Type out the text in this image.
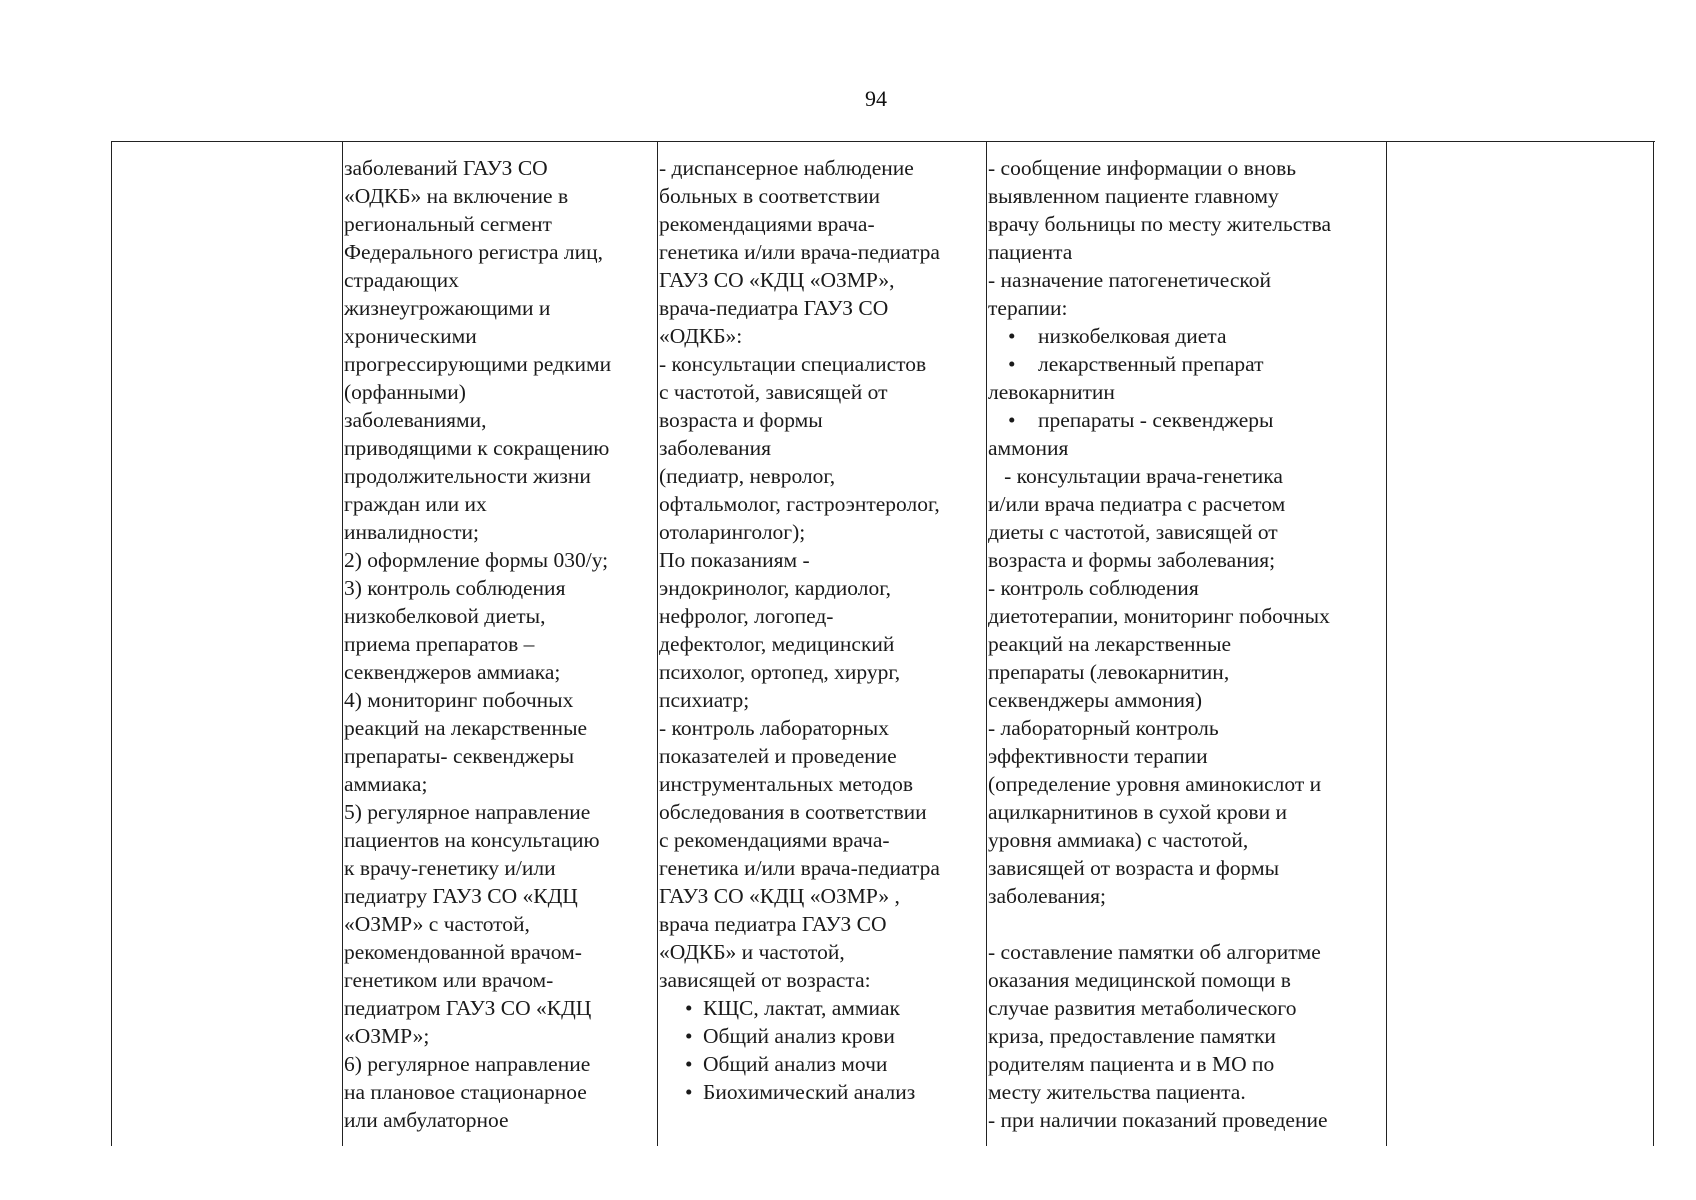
94
заболеваний ГАУЗ СО
«ОДКБ» на включение в
региональный сегмент
Федерального регистра лиц,
страдающих
жизнеугрожающими и
хроническими
прогрессирующими редкими
(орфанными)
заболеваниями,
приводящими к сокращению
продолжительности жизни
граждан или их
инвалидности;
2) оформление формы 030/у;
3) контроль соблюдения
низкобелковой диеты,
приема препаратов –
секвенджеров аммиака;
4) мониторинг побочных
реакций на лекарственные
препараты- секвенджеры
аммиака;
5) регулярное направление
пациентов на консультацию
к врачу-генетику и/или
педиатру ГАУЗ СО «КДЦ
«ОЗМР» с частотой,
рекомендованной врачом-
генетиком или врачом-
педиатром ГАУЗ СО «КДЦ
«ОЗМР»;
6) регулярное направление
на плановое стационарное
или амбулаторное
- диспансерное наблюдение
больных в соответствии
рекомендациями врача-
генетика и/или врача-педиатра
ГАУЗ СО «КДЦ «ОЗМР»,
врача-педиатра ГАУЗ СО
«ОДКБ»:
- консультации специалистов
с частотой, зависящей от
возраста и формы
заболевания
(педиатр, невролог,
офтальмолог, гастроэнтеролог,
отоларинголог);
По показаниям -
эндокринолог, кардиолог,
нефролог, логопед-
дефектолог, медицинский
психолог, ортопед, хирург,
психиатр;
- контроль лабораторных
показателей и проведение
инструментальных методов
обследования в соответствии
с рекомендациями врача-
генетика и/или врача-педиатра
ГАУЗ СО «КДЦ «ОЗМР» ,
врача педиатра ГАУЗ СО
«ОДКБ» и частотой,
зависящей от возраста:
• КЩС, лактат, аммиак
• Общий анализ крови
• Общий анализ мочи
• Биохимический анализ
- сообщение информации о вновь
выявленном пациенте главному
врачу больницы по месту жительства
пациента
- назначение патогенетической
терапии:
• низкобелковая диета
• лекарственный препарат
левокарнитин
• препараты - секвенджеры
аммония
- консультации врача-генетика
и/или врача педиатра с расчетом
диеты с частотой, зависящей от
возраста и формы заболевания;
- контроль соблюдения
диетотерапии, мониторинг побочных
реакций на лекарственные
препараты (левокарнитин,
секвенджеры аммония)
- лабораторный контроль
эффективности терапии
(определение уровня аминокислот и
ацилкарнитинов в сухой крови и
уровня аммиака) с частотой,
зависящей от возраста и формы
заболевания;
- составление памятки об алгоритме
оказания медицинской помощи в
случае развития метаболического
криза, предоставление памятки
родителям пациента и в МО по
месту жительства пациента.
- при наличии показаний проведение
